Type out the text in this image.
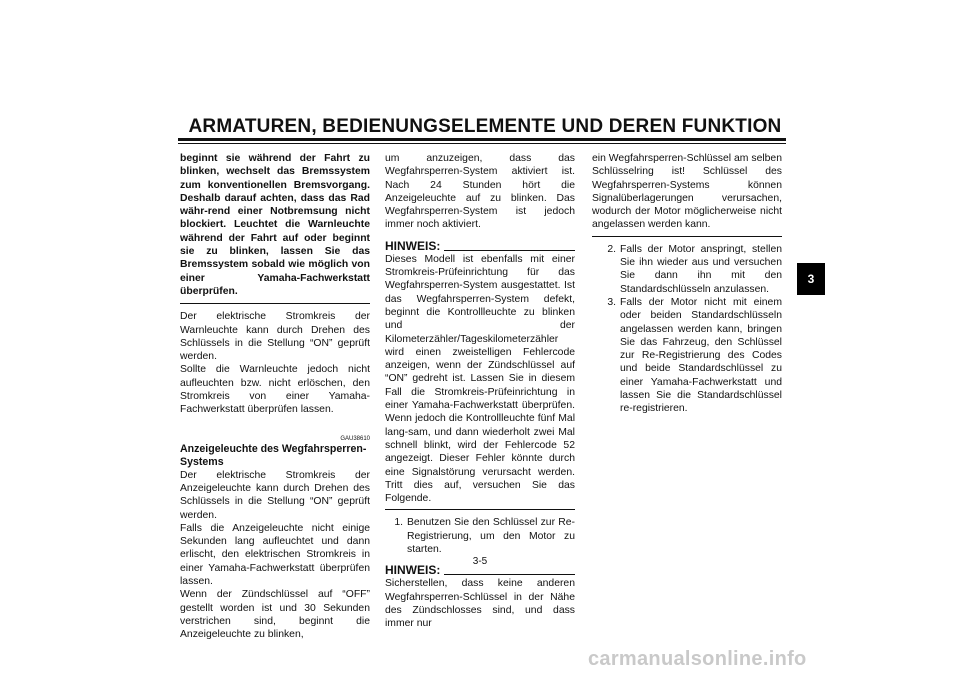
ARMATUREN, BEDIENUNGSELEMENTE UND DEREN FUNKTION
beginnt sie während der Fahrt zu blinken, wechselt das Bremssystem zum konventionellen Bremsvorgang. Deshalb darauf achten, dass das Rad währ-rend einer Notbremsung nicht blockiert. Leuchtet die Warnleuchte während der Fahrt auf oder beginnt sie zu blinken, lassen Sie das Bremssystem sobald wie möglich von einer Yamaha-Fachwerkstatt überprüfen.

Der elektrische Stromkreis der Warnleuchte kann durch Drehen des Schlüssels in die Stellung “ON” geprüft werden.

Sollte die Warnleuchte jedoch nicht aufleuchten bzw. nicht erlöschen, den Stromkreis von einer Yamaha-Fachwerkstatt überprüfen lassen.

GAU38610
Anzeigeleuchte des Wegfahrsperren-Systems

Der elektrische Stromkreis der Anzeigeleuchte kann durch Drehen des Schlüssels in die Stellung “ON” geprüft werden.

Falls die Anzeigeleuchte nicht einige Sekunden lang aufleuchtet und dann erlischt, den elektrischen Stromkreis in einer Yamaha-Fachwerkstatt überprüfen lassen.

Wenn der Zündschlüssel auf “OFF” gestellt worden ist und 30 Sekunden verstrichen sind, beginnt die Anzeigeleuchte zu blinken,

um anzuzeigen, dass das Wegfahrsperren-System aktiviert ist. Nach 24 Stunden hört die Anzeigeleuchte auf zu blinken. Das Wegfahrsperren-System ist jedoch immer noch aktiviert.

HINWEIS:

Dieses Modell ist ebenfalls mit einer Stromkreis-Prüfeinrichtung für das Wegfahrsperren-System ausgestattet. Ist das Wegfahrsperren-System defekt, beginnt die Kontrollleuchte zu blinken und der Kilometerzähler/Tageskilometerzähler wird einen zweistelligen Fehlercode anzeigen, wenn der Zündschlüssel auf “ON” gedreht ist. Lassen Sie in diesem Fall die Stromkreis-Prüfeinrichtung in einer Yamaha-Fachwerkstatt überprüfen. Wenn jedoch die Kontrollleuchte fünf Mal lang-sam, und dann wiederholt zwei Mal schnell blinkt, wird der Fehlercode 52 angezeigt. Dieser Fehler könnte durch eine Signalstörung verursacht werden. Tritt dies auf, versuchen Sie das Folgende.

1. Benutzen Sie den Schlüssel zur Re-Registrierung, um den Motor zu starten.
HINWEIS:

Sicherstellen, dass keine anderen Wegfahrsperren-Schlüssel in der Nähe des Zündschlosses sind, und dass immer nur

ein Wegfahrsperren-Schlüssel am selben Schlüsselring ist! Schlüssel des Wegfahrsperren-Systems können Signalüberlagerungen verursachen, wodurch der Motor möglicherweise nicht angelassen werden kann.

2. Falls der Motor anspringt, stellen Sie ihn wieder aus und versuchen Sie dann ihn mit den Standardschlüsseln anzulassen.
3. Falls der Motor nicht mit einem oder beiden Standardschlüsseln angelassen werden kann, bringen Sie das Fahrzeug, den Schlüssel zur Re-Registrierung des Codes und beide Standardschlüssel zu einer Yamaha-Fachwerkstatt und lassen Sie die Standardschlüssel re-registrieren.
3
3-5
carmanualsonline.info
